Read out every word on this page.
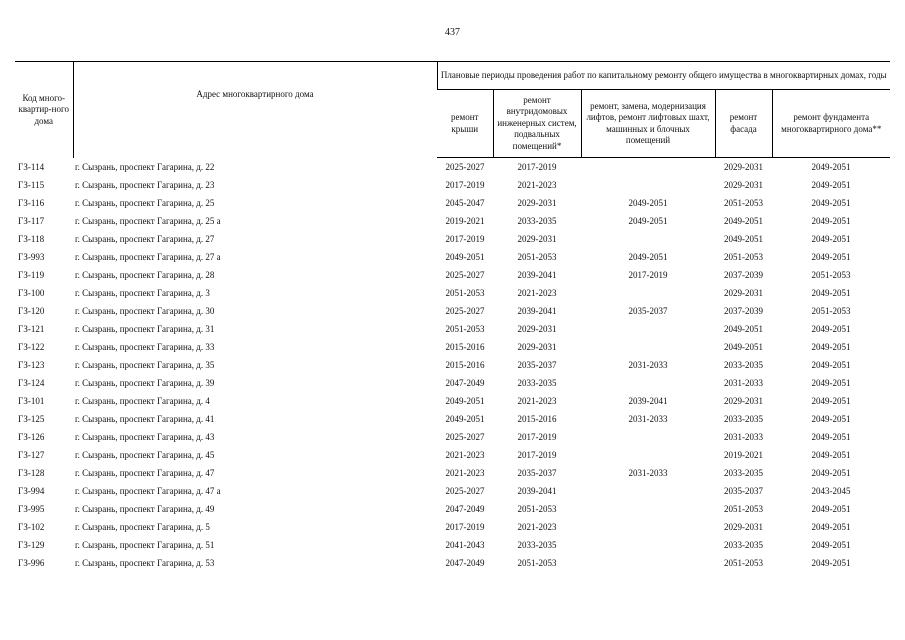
437
Код много-квартир-ного дома	Адрес многоквартирного дома	Плановые периоды проведения работ по капитальному ремонту общего имущества в многоквартирных домах, годы				
		ремонт крыши	ремонт внутридомовых инженерных систем, подвальных помещений*	ремонт, замена, модернизация лифтов, ремонт лифтовых шахт, машинных и блочных помещений	ремонт фасада	ремонт фундамента многоквартирного дома**
ГЗ-114	г. Сызрань, проспект Гагарина, д. 22	2025-2027	2017-2019		2029-2031	2049-2051
ГЗ-115	г. Сызрань, проспект Гагарина, д. 23	2017-2019	2021-2023		2029-2031	2049-2051
ГЗ-116	г. Сызрань, проспект Гагарина, д. 25	2045-2047	2029-2031	2049-2051	2051-2053	2049-2051
ГЗ-117	г. Сызрань, проспект Гагарина, д. 25 а	2019-2021	2033-2035	2049-2051	2049-2051	2049-2051
ГЗ-118	г. Сызрань, проспект Гагарина, д. 27	2017-2019	2029-2031		2049-2051	2049-2051
ГЗ-993	г. Сызрань, проспект Гагарина, д. 27 а	2049-2051	2051-2053	2049-2051	2051-2053	2049-2051
ГЗ-119	г. Сызрань, проспект Гагарина, д. 28	2025-2027	2039-2041	2017-2019	2037-2039	2051-2053
ГЗ-100	г. Сызрань, проспект Гагарина, д. 3	2051-2053	2021-2023		2029-2031	2049-2051
ГЗ-120	г. Сызрань, проспект Гагарина, д. 30	2025-2027	2039-2041	2035-2037	2037-2039	2051-2053
ГЗ-121	г. Сызрань, проспект Гагарина, д. 31	2051-2053	2029-2031		2049-2051	2049-2051
ГЗ-122	г. Сызрань, проспект Гагарина, д. 33	2015-2016	2029-2031		2049-2051	2049-2051
ГЗ-123	г. Сызрань, проспект Гагарина, д. 35	2015-2016	2035-2037	2031-2033	2033-2035	2049-2051
ГЗ-124	г. Сызрань, проспект Гагарина, д. 39	2047-2049	2033-2035		2031-2033	2049-2051
ГЗ-101	г. Сызрань, проспект Гагарина, д. 4	2049-2051	2021-2023	2039-2041	2029-2031	2049-2051
ГЗ-125	г. Сызрань, проспект Гагарина, д. 41	2049-2051	2015-2016	2031-2033	2033-2035	2049-2051
ГЗ-126	г. Сызрань, проспект Гагарина, д. 43	2025-2027	2017-2019		2031-2033	2049-2051
ГЗ-127	г. Сызрань, проспект Гагарина, д. 45	2021-2023	2017-2019		2019-2021	2049-2051
ГЗ-128	г. Сызрань, проспект Гагарина, д. 47	2021-2023	2035-2037	2031-2033	2033-2035	2049-2051
ГЗ-994	г. Сызрань, проспект Гагарина, д. 47 а	2025-2027	2039-2041		2035-2037	2043-2045
ГЗ-995	г. Сызрань, проспект Гагарина, д. 49	2047-2049	2051-2053		2051-2053	2049-2051
ГЗ-102	г. Сызрань, проспект Гагарина, д. 5	2017-2019	2021-2023		2029-2031	2049-2051
ГЗ-129	г. Сызрань, проспект Гагарина, д. 51	2041-2043	2033-2035		2033-2035	2049-2051
ГЗ-996	г. Сызрань, проспект Гагарина, д. 53	2047-2049	2051-2053		2051-2053	2049-2051
